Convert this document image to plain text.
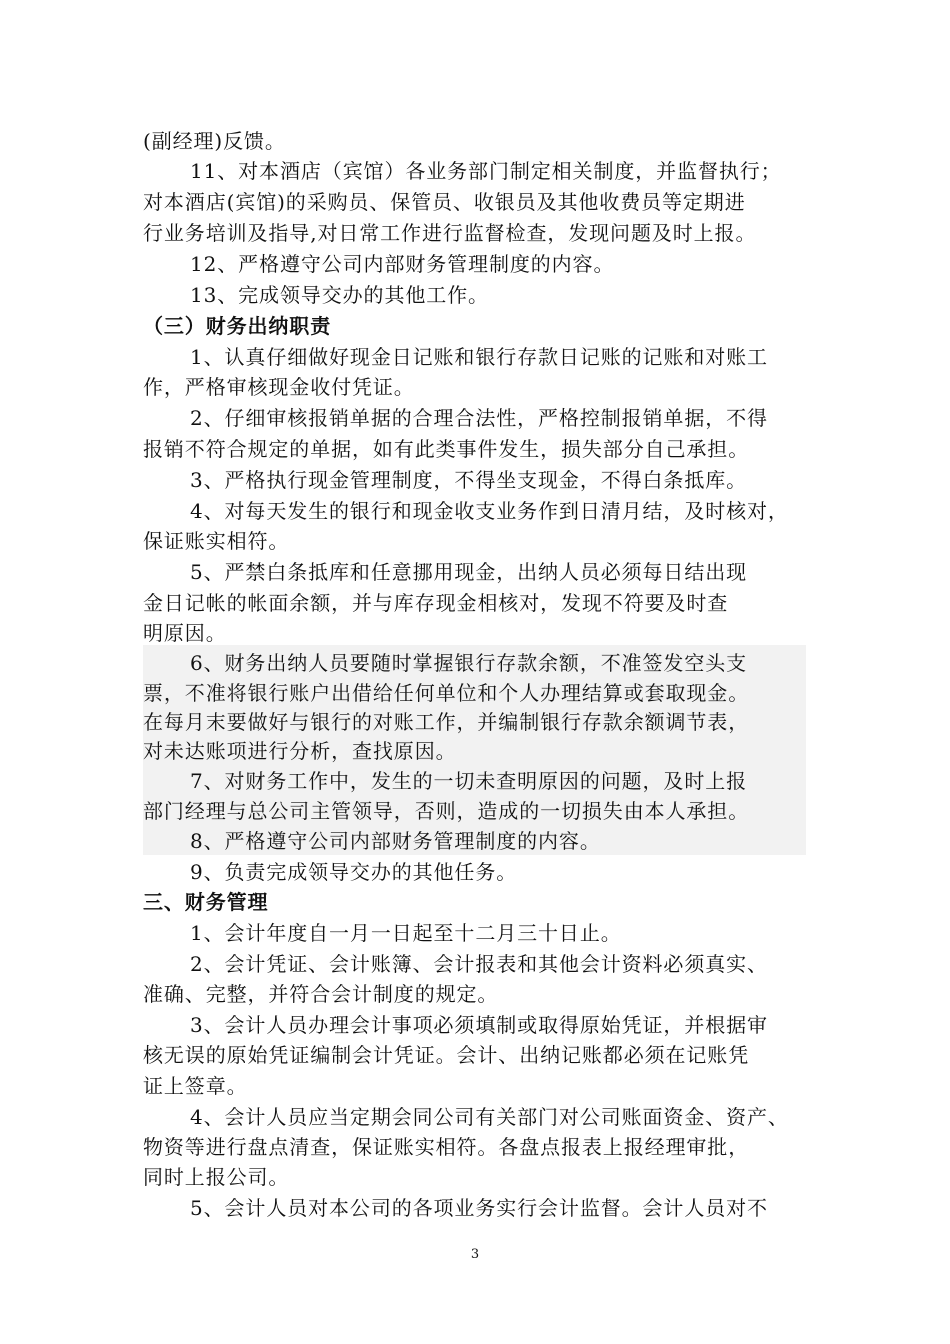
(副经理)反馈。
11、对本酒店（宾馆）各业务部门制定相关制度，并监督执行；
对本酒店(宾馆)的采购员、保管员、收银员及其他收费员等定期进
行业务培训及指导,对日常工作进行监督检查，发现问题及时上报。
12、严格遵守公司内部财务管理制度的内容。
13、完成领导交办的其他工作。
（三）财务出纳职责
1、认真仔细做好现金日记账和银行存款日记账的记账和对账工
作，严格审核现金收付凭证。
2、仔细审核报销单据的合理合法性，严格控制报销单据，不得
报销不符合规定的单据，如有此类事件发生，损失部分自己承担。
3、严格执行现金管理制度，不得坐支现金，不得白条抵库。
4、对每天发生的银行和现金收支业务作到日清月结，及时核对，
保证账实相符。
5、严禁白条抵库和任意挪用现金，出纳人员必须每日结出现
金日记帐的帐面余额，并与库存现金相核对，发现不符要及时查
明原因。
6、财务出纳人员要随时掌握银行存款余额，不准签发空头支
票，不准将银行账户出借给任何单位和个人办理结算或套取现金。
在每月末要做好与银行的对账工作，并编制银行存款余额调节表，
对未达账项进行分析，查找原因。
7、对财务工作中，发生的一切未查明原因的问题，及时上报
部门经理与总公司主管领导，否则，造成的一切损失由本人承担。
8、严格遵守公司内部财务管理制度的内容。
9、负责完成领导交办的其他任务。
三、财务管理
1、会计年度自一月一日起至十二月三十日止。
2、会计凭证、会计账簿、会计报表和其他会计资料必须真实、
准确、完整，并符合会计制度的规定。
3、会计人员办理会计事项必须填制或取得原始凭证，并根据审
核无误的原始凭证编制会计凭证。会计、出纳记账都必须在记账凭
证上签章。
4、会计人员应当定期会同公司有关部门对公司账面资金、资产、
物资等进行盘点清查，保证账实相符。各盘点报表上报经理审批，
同时上报公司。
5、会计人员对本公司的各项业务实行会计监督。会计人员对不
3
